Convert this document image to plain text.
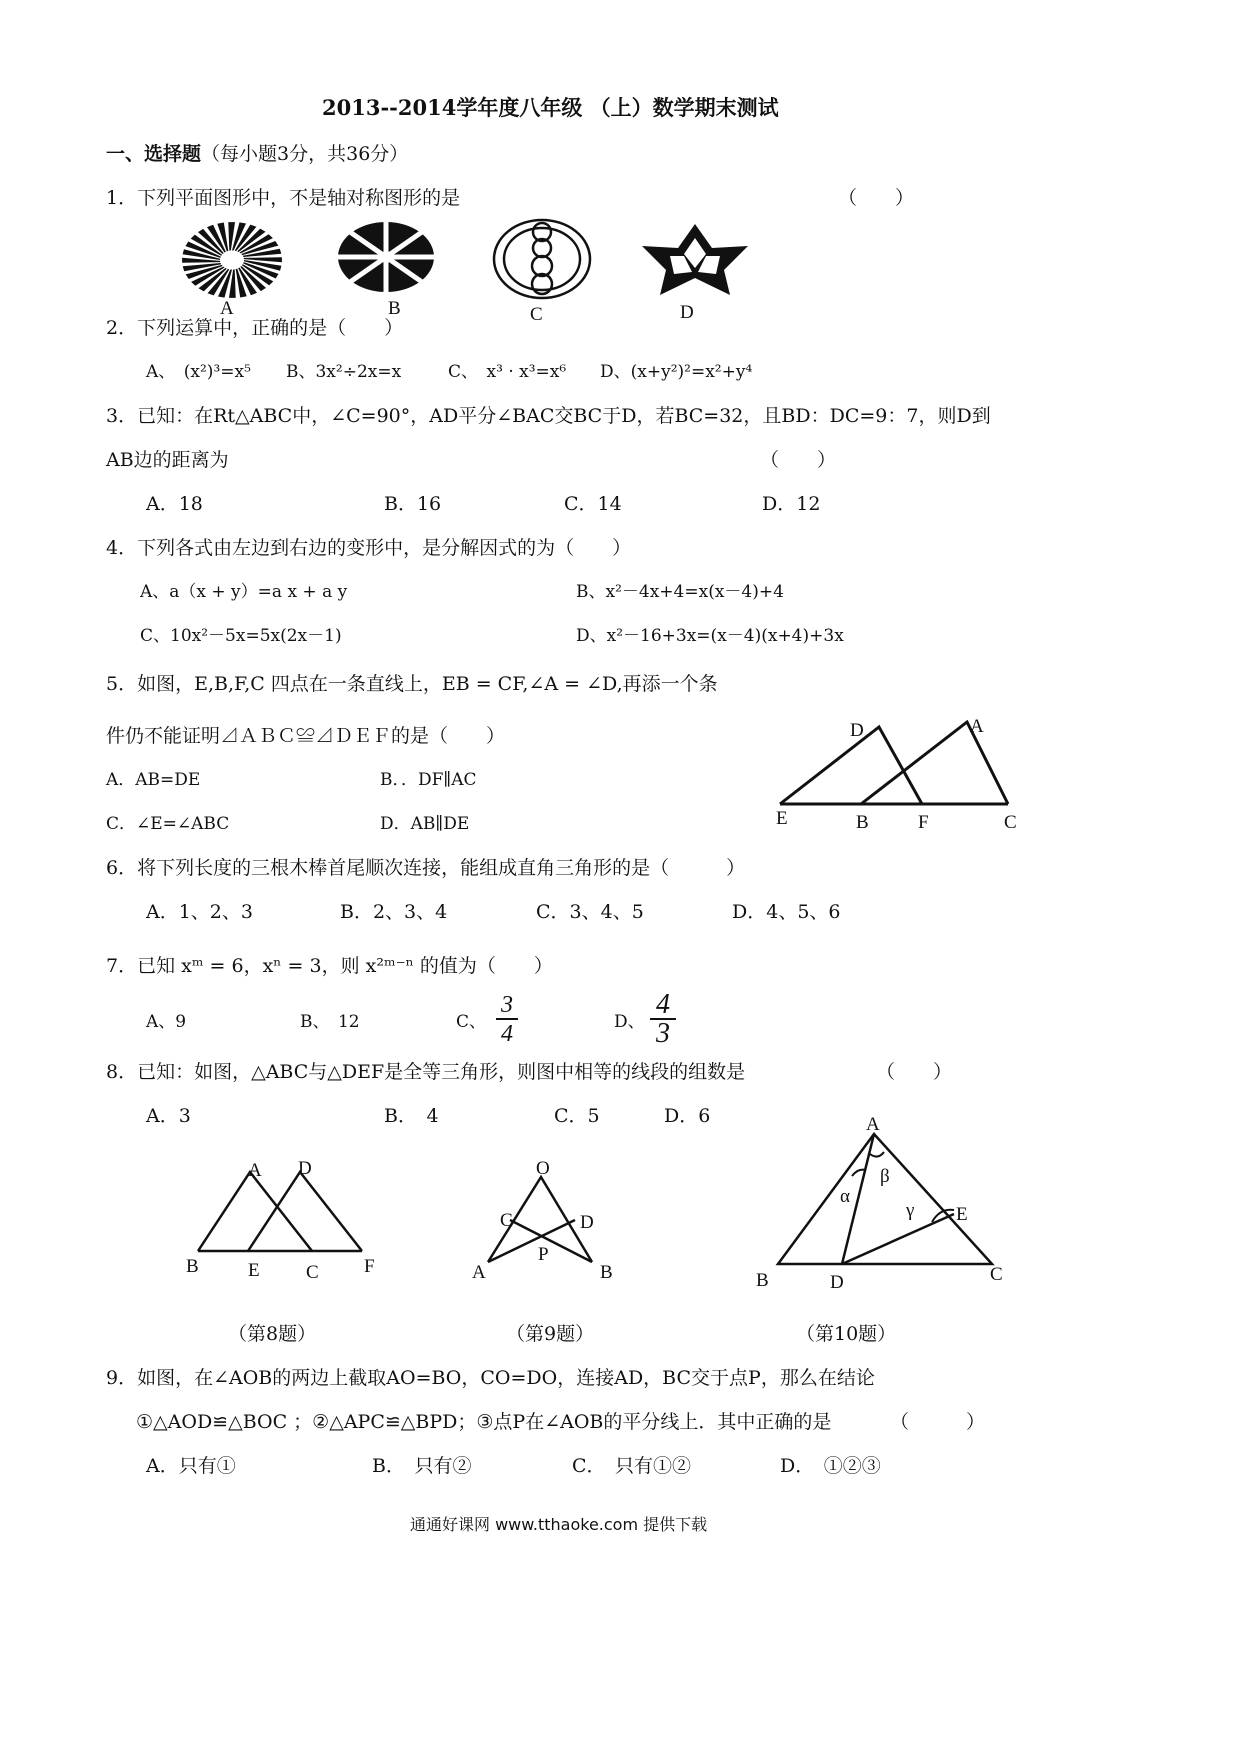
2013--2014学年度八年级 （上）数学期末测试
一、选择题（每小题3分，共36分）
1．下列平面图形中，不是轴对称图形的是	（　　）
A	B	C	D
2．下列运算中，正确的是（　　）
A、　(x²)³=x⁵ B、3x²÷2x=x	C、　x³ · x³=x⁶ D、(x+y²)²=x²+y⁴
3．已知：在Rt△ABC中，∠C=90°，AD平分∠BAC交BC于D，若BC=32，且BD：DC=9：7，则D到
AB边的距离为	（　　）
A．18	B．16	C．14	D．12
4．下列各式由左边到右边的变形中，是分解因式的为（　　）
A、a（x + y）=a x + a y	B、x²－4x+4=x(x－4)+4
C、10x²－5x=5x(2x－1)	D、x²－16+3x=(x－4)(x+4)+3x
5．如图，E,B,F,C 四点在一条直线上，EB = CF,∠A = ∠D,再添一个条
件仍不能证明⊿ＡＢＣ≌⊿ＤＥＦ的是（　　）
A．AB=DE	B．．DF∥AC
C．∠E=∠ABC	D．AB∥DE
D	A
E	B	F	C
6．将下列长度的三根木棒首尾顺次连接，能组成直角三角形的是（　　　）
A．1、2、3	B．2、3、4	C．3、4、5	D．4、5、6
7．已知 xᵐ = 6，xⁿ = 3，则 x²ᵐ⁻ⁿ 的值为（　　）
A、9	B、　12	C、 $\frac{3}{4}$	D、 $\frac{4}{3}$
8．已知：如图，△ABC与△DEF是全等三角形，则图中相等的线段的组数是	（　　）
A．3	B．　4	C．5	D．6
A D
B	E C F
（第8题）
O
C	D
P
A	B
（第9题）
A
β
α
γ E
B	D	C
（第10题）
9．如图，在∠AOB的两边上截取AO=BO，CO=DO，连接AD，BC交于点P，那么在结论
①△AOD≌△BOC ；②△APC≌△BPD；③点P在∠AOB的平分线上．其中正确的是	（　　　）
A．只有①	B．　只有②	C．　只有①②	D．　①②③
通通好课网 www.tthaoke.com 提供下载
